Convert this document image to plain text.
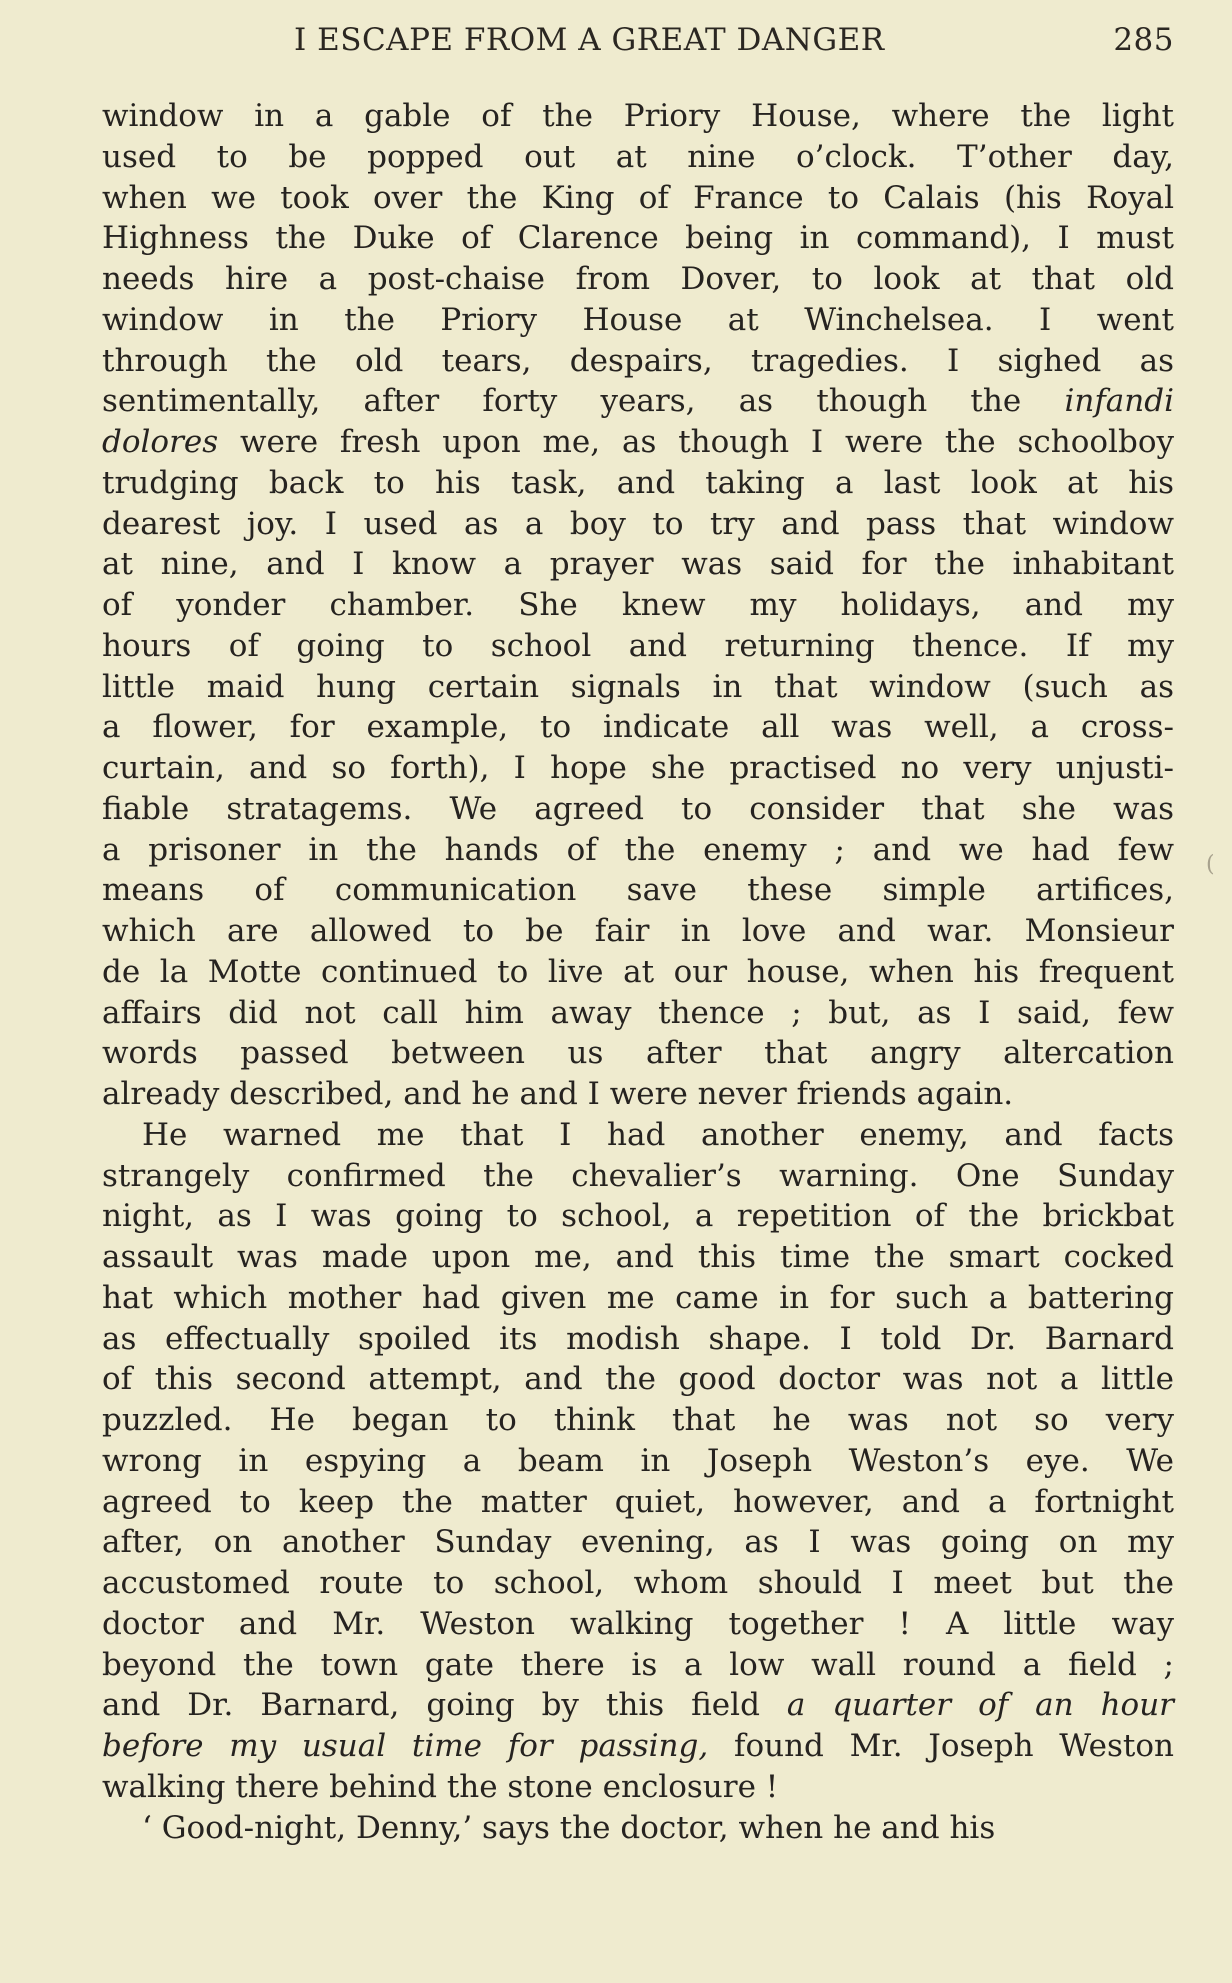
I ESCAPE FROM A GREAT DANGER	285
window in a gable of the Priory House, where the light
used to be popped out at nine o’clock. T’other day,
when we took over the King of France to Calais (his Royal
Highness the Duke of Clarence being in command), I must
needs hire a post-chaise from Dover, to look at that old
window in the Priory House at Winchelsea. I went
through the old tears, despairs, tragedies. I sighed as
sentimentally, after forty years, as though the infandi
dolores were fresh upon me, as though I were the schoolboy
trudging back to his task, and taking a last look at his
dearest joy. I used as a boy to try and pass that window
at nine, and I know a prayer was said for the inhabitant
of yonder chamber. She knew my holidays, and my
hours of going to school and returning thence. If my
little maid hung certain signals in that window (such as
a flower, for example, to indicate all was well, a cross-
curtain, and so forth), I hope she practised no very unjusti-
fiable stratagems. We agreed to consider that she was
a prisoner in the hands of the enemy ; and we had few
means of communication save these simple artifices,
which are allowed to be fair in love and war. Monsieur
de la Motte continued to live at our house, when his frequent
affairs did not call him away thence ; but, as I said, few
words passed between us after that angry altercation
already described, and he and I were never friends again.
He warned me that I had another enemy, and facts
strangely confirmed the chevalier’s warning. One Sunday
night, as I was going to school, a repetition of the brickbat
assault was made upon me, and this time the smart cocked
hat which mother had given me came in for such a battering
as effectually spoiled its modish shape. I told Dr. Barnard
of this second attempt, and the good doctor was not a little
puzzled. He began to think that he was not so very
wrong in espying a beam in Joseph Weston’s eye. We
agreed to keep the matter quiet, however, and a fortnight
after, on another Sunday evening, as I was going on my
accustomed route to school, whom should I meet but the
doctor and Mr. Weston walking together ! A little way
beyond the town gate there is a low wall round a field ;
and Dr. Barnard, going by this field a quarter of an hour
before my usual time for passing, found Mr. Joseph Weston
walking there behind the stone enclosure !
‘ Good-night, Denny,’ says the doctor, when he and his
(
